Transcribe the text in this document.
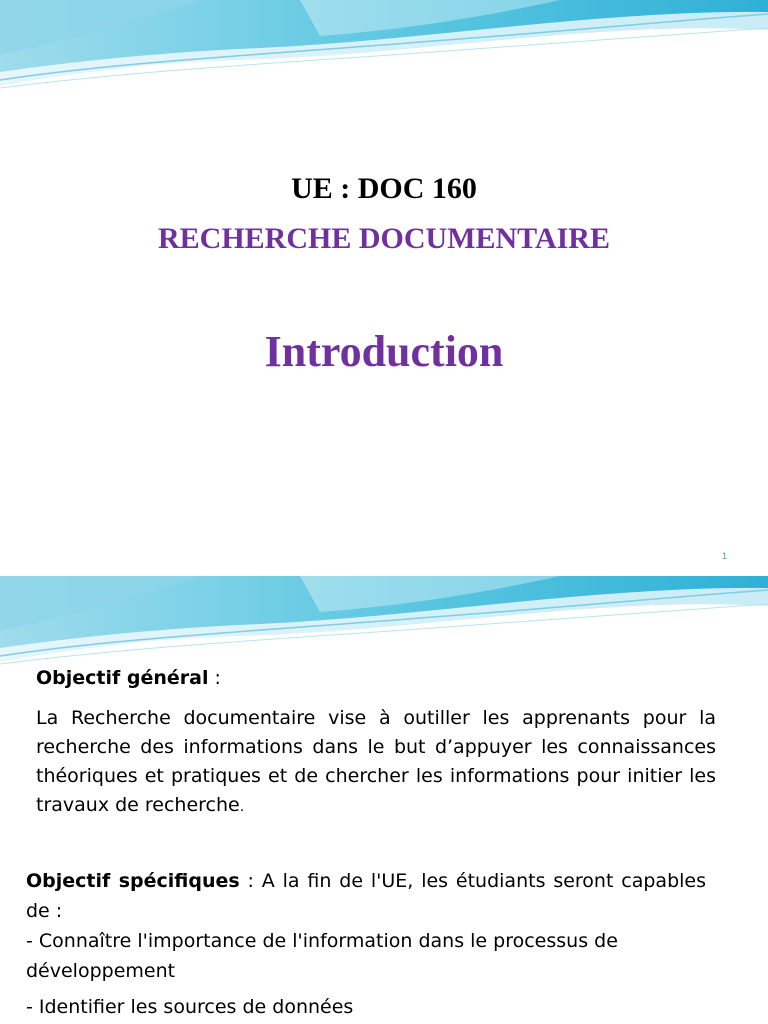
UE : DOC 160
RECHERCHE DOCUMENTAIRE
Introduction
1
Objectif général :
La Recherche documentaire vise à outiller les apprenants pour la recherche des informations dans le but d’appuyer les connaissances théoriques et pratiques et de chercher les informations pour initier les travaux de recherche.
Objectif spécifiques : A la fin de l'UE, les étudiants seront capables de :
- Connaître l'importance de l'information dans le processus de développement
- Identifier les sources de données
